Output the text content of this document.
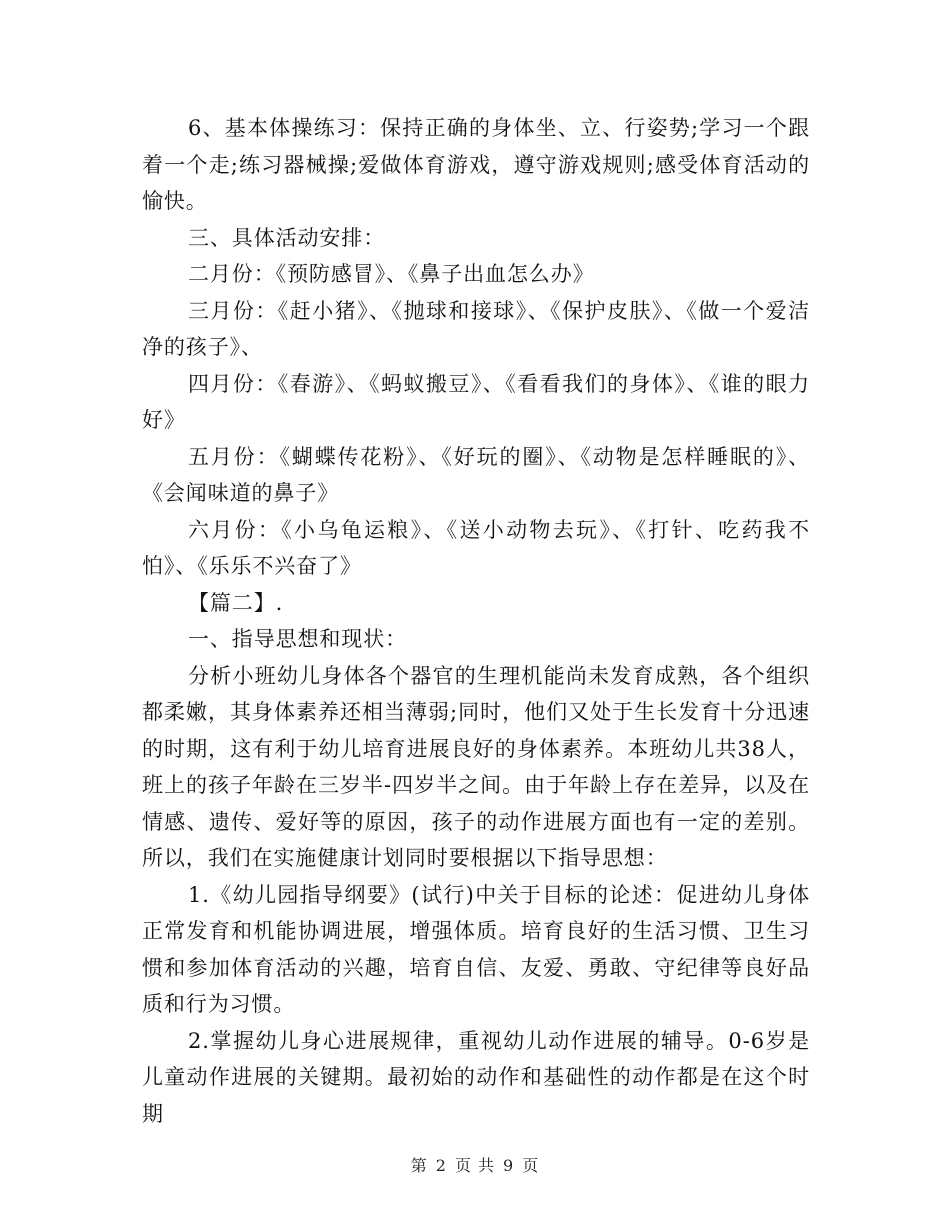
6、基本体操练习：保持正确的身体坐、立、行姿势;学习一个跟着一个走;练习器械操;爱做体育游戏，遵守游戏规则;感受体育活动的愉快。

三、具体活动安排：

二月份：《预防感冒》、《鼻子出血怎么办》

三月份：《赶小猪》、《抛球和接球》、《保护皮肤》、《做一个爱洁净的孩子》、

四月份：《春游》、《蚂蚁搬豆》、《看看我们的身体》、《谁的眼力好》

五月份：《蝴蝶传花粉》、《好玩的圈》、《动物是怎样睡眠的》、《会闻味道的鼻子》

六月份：《小乌龟运粮》、《送小动物去玩》、《打针、吃药我不怕》、《乐乐不兴奋了》

【篇二】.

一、指导思想和现状：

分析小班幼儿身体各个器官的生理机能尚未发育成熟，各个组织都柔嫩，其身体素养还相当薄弱;同时，他们又处于生长发育十分迅速的时期，这有利于幼儿培育进展良好的身体素养。本班幼儿共38人，班上的孩子年龄在三岁半-四岁半之间。由于年龄上存在差异，以及在情感、遗传、爱好等的原因，孩子的动作进展方面也有一定的差别。所以，我们在实施健康计划同时要根据以下指导思想：

1.《幼儿园指导纲要》(试行)中关于目标的论述：促进幼儿身体正常发育和机能协调进展，增强体质。培育良好的生活习惯、卫生习惯和参加体育活动的兴趣，培育自信、友爱、勇敢、守纪律等良好品质和行为习惯。

2.掌握幼儿身心进展规律，重视幼儿动作进展的辅导。0-6岁是儿童动作进展的关键期。最初始的动作和基础性的动作都是在这个时期

第 2 页 共 9 页
